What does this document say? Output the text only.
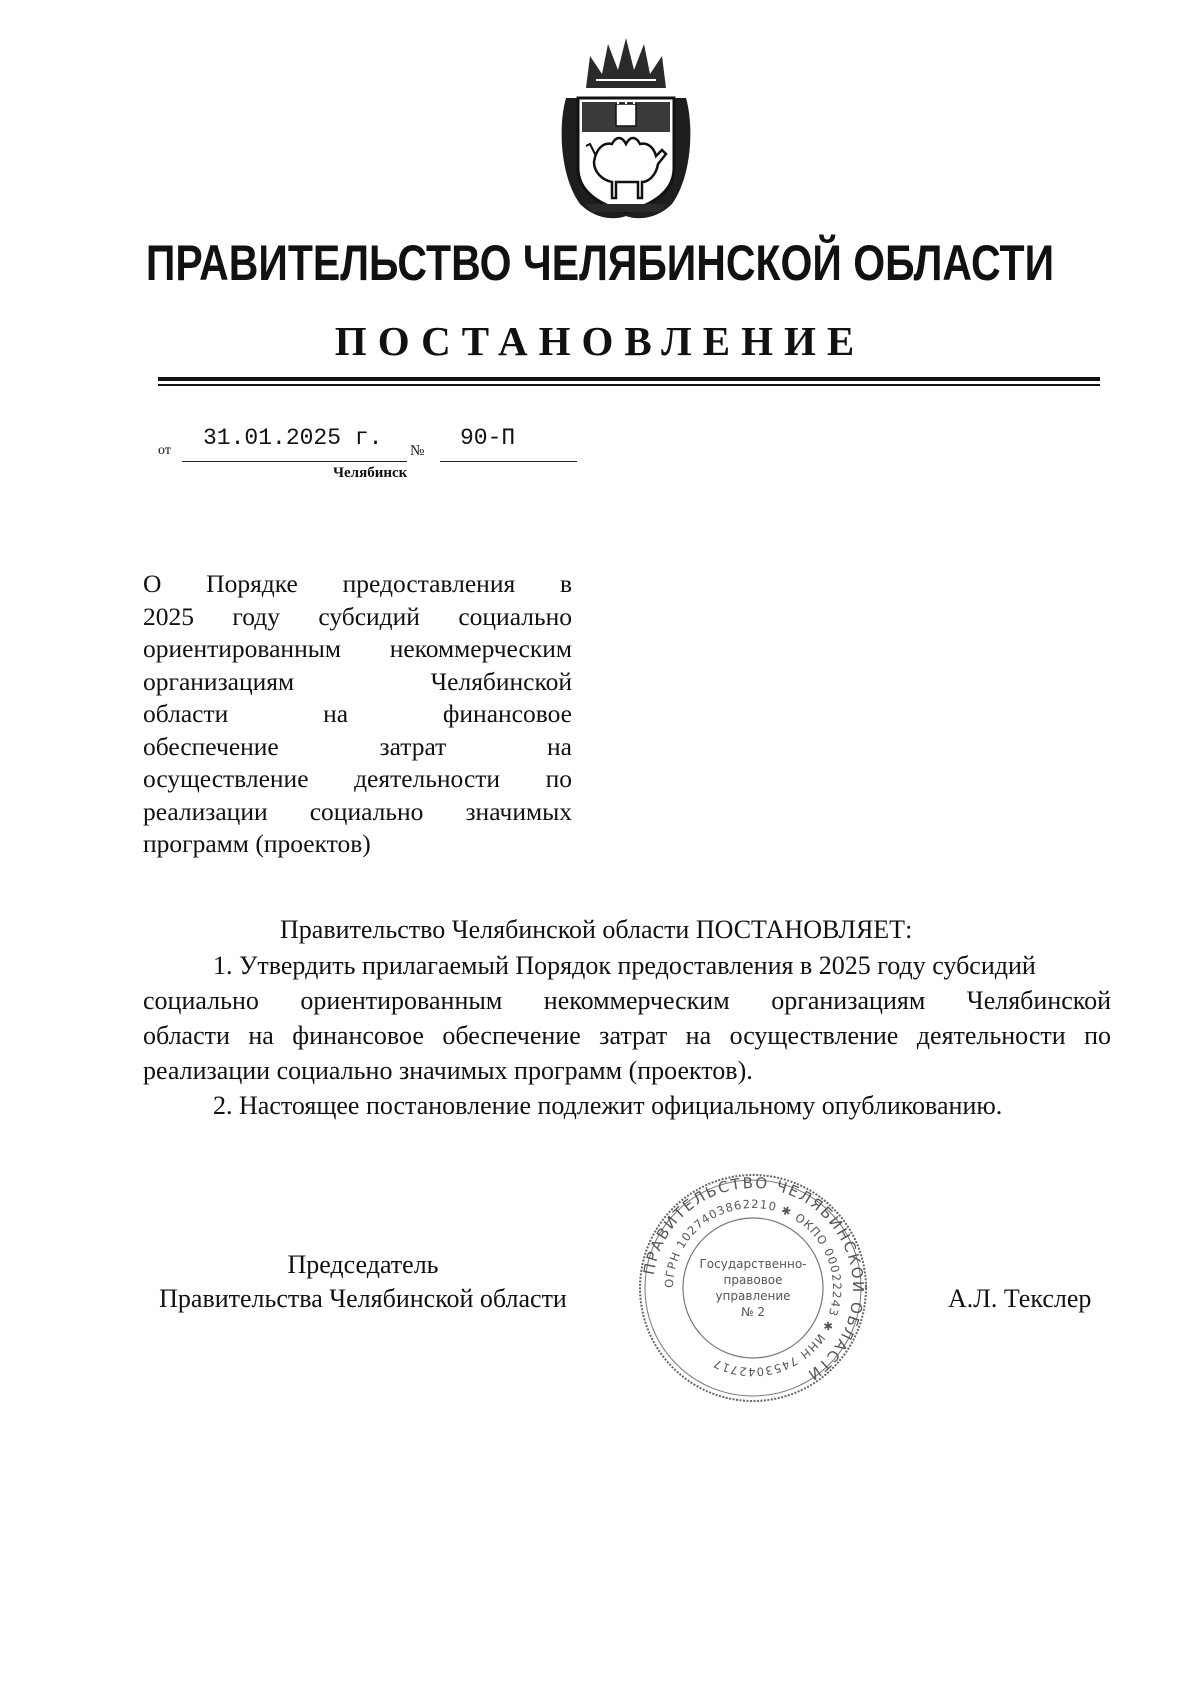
ПРАВИТЕЛЬСТВО ЧЕЛЯБИНСКОЙ ОБЛАСТИ
ПОСТАНОВЛЕНИЕ
от 31.01.2025 г. № 90-П
Челябинск
О Порядке предоставления в
2025 году субсидий социально
ориентированным некоммерческим
организациям Челябинской
области на финансовое
обеспечение затрат на
осуществление деятельности по
реализации социально значимых
программ (проектов)
Правительство Челябинской области ПОСТАНОВЛЯЕТ:
1. Утвердить прилагаемый Порядок предоставления в 2025 году субсидий
социально ориентированным некоммерческим организациям Челябинской
области на финансовое обеспечение затрат на осуществление деятельности по
реализации социально значимых программ (проектов).
2. Настоящее постановление подлежит официальному опубликованию.
Председатель
Правительства Челябинской области	А.Л. Текслер
ПРАВИТЕЛЬСТВО ЧЕЛЯБИНСКОЙ ОБЛАСТИ
ОГРН 1027403862210 ✱ ОКПО 00022243 ✱ ИНН 7453042717
Государственно-
правовое
управление
№ 2
